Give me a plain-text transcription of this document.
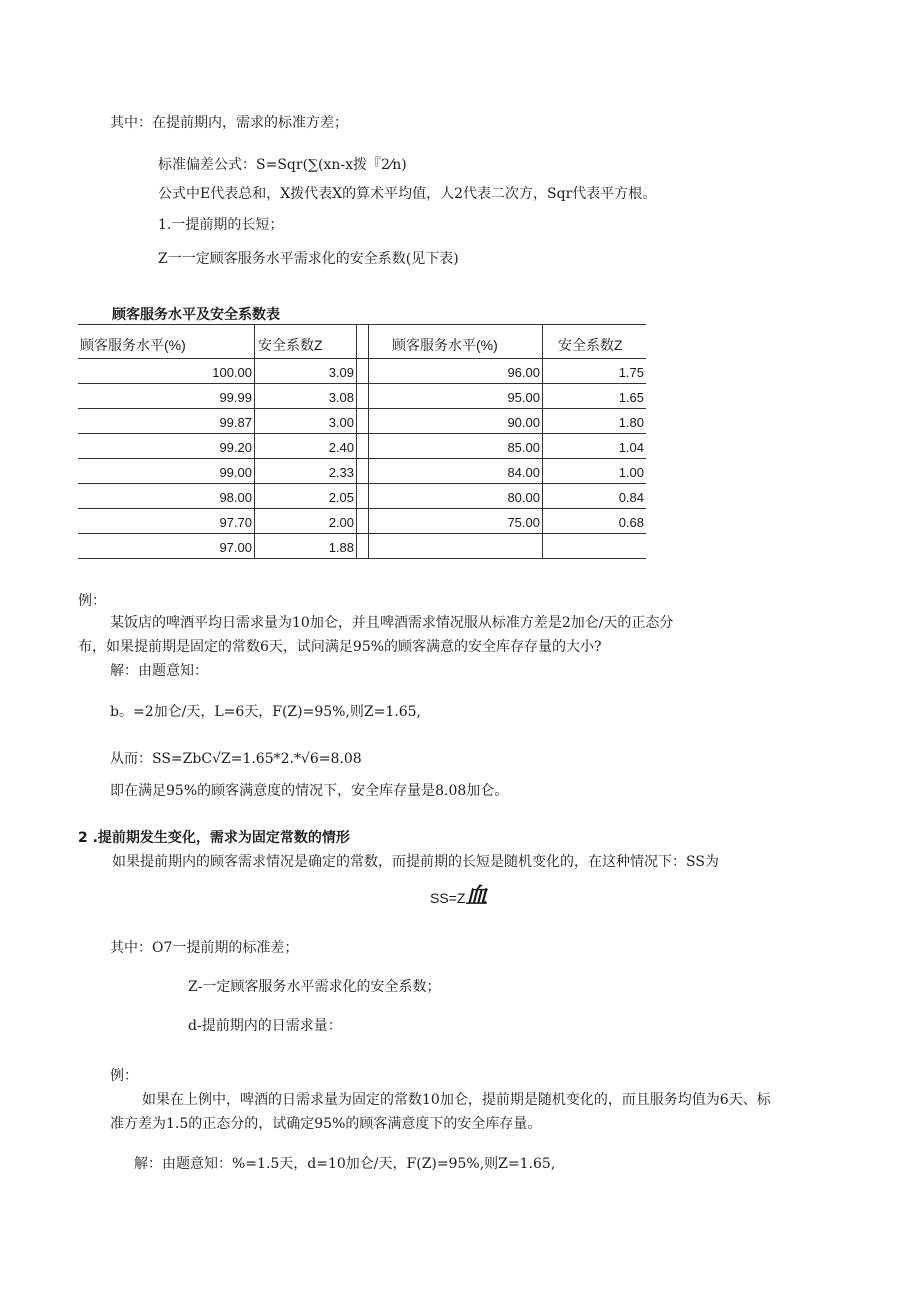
其中：在提前期内，需求的标准方差；
标准偏差公式：S=Sqr(∑(xn-x拨『2⁄n)
公式中E代表总和，X拨代表X的算术平均值，人2代表二次方，Sqr代表平方根。
1.一提前期的长短；
Z一一定顾客服务水平需求化的安全系数(见下表)
顾客服务水平及安全系数表
顾客服务水平(%)	安全系数Z	顾客服务水平(%)	安全系数Z
100.00	3.09	96.00	1.75
99.99	3.08	95.00	1.65
99.87	3.00	90.00	1.80
99.20	2.40	85.00	1.04
99.00	2.33	84.00	1.00
98.00	2.05	80.00	0.84
97.70	2.00	75.00	0.68
97.00	1.88
例：
某饭店的啤酒平均日需求量为10加仑，并且啤酒需求情况服从标准方差是2加仑/天的正态分
布，如果提前期是固定的常数6天，试问满足95%的顾客满意的安全库存存量的大小?
解：由题意知：
b。=2加仑/天，L=6天，F(Z)=95%,则Z=1.65,
从而：SS=ZbC√Z=1.65*2.*√6=8.08
即在满足95%的顾客满意度的情况下，安全库存量是8.08加仑。
2 .提前期发生变化，需求为固定常数的情形
如果提前期内的顾客需求情况是确定的常数，而提前期的长短是随机变化的，在这种情况下：SS为
SS=Z血
其中：O7一提前期的标准差；
Z-一定顾客服务水平需求化的安全系数；
d-提前期内的日需求量：
例：
如果在上例中，啤酒的日需求量为固定的常数10加仑，提前期是随机变化的，而且服务均值为6天、标
准方差为1.5的正态分的，试确定95%的顾客满意度下的安全库存量。
解：由题意知：%=1.5天，d=10加仑/天，F(Z)=95%,则Z=1.65,
